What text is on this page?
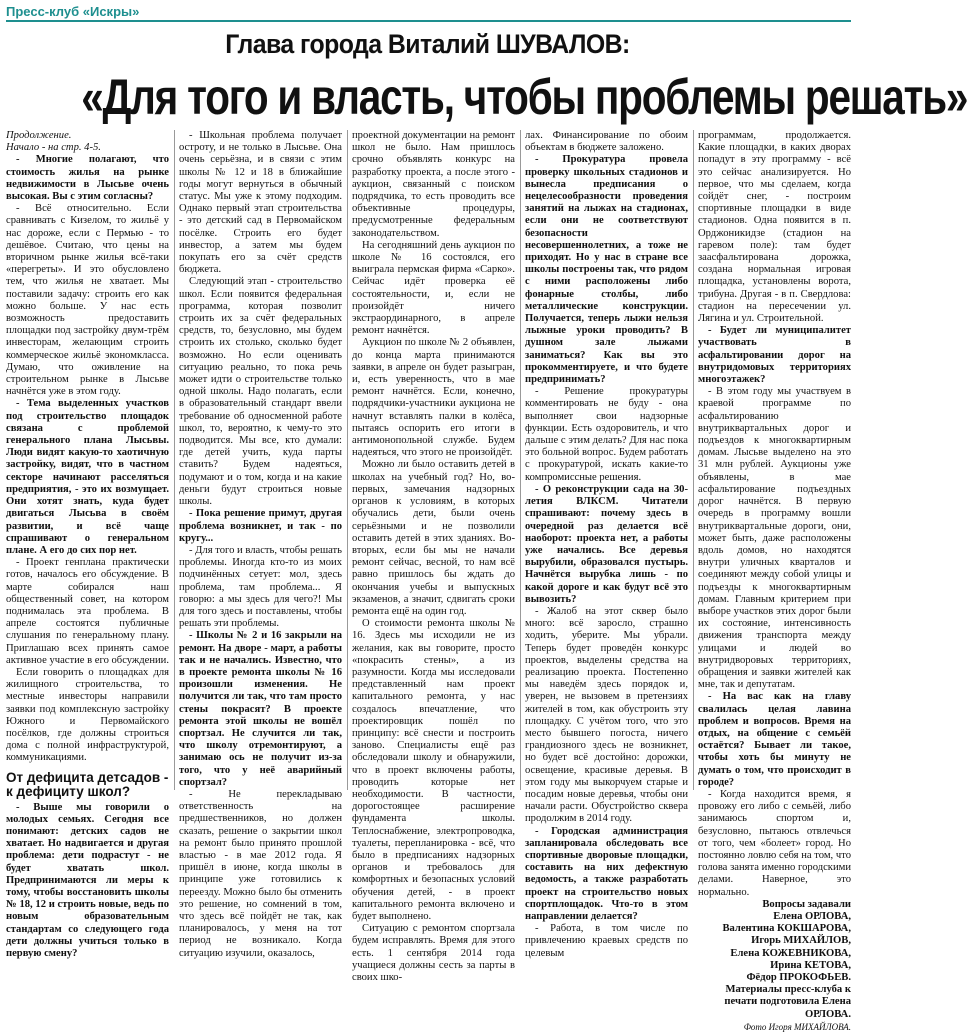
Пресс-клуб «Искры»
Глава города Виталий ШУВАЛОВ:
«Для того и власть, чтобы проблемы решать»

Продолжение.

Начало - на стр. 4-5.

- Многие полагают, что стоимость жилья на рынке недвижимости в Лысьве очень высокая. Вы с этим согласны?

- Всё относительно. Если сравнивать с Кизелом, то жильё у нас дороже, если с Пермью - то дешёвое. Считаю, что цены на вторичном рынке жилья всё-таки «перегреты». И это обусловлено тем, что жилья не хватает. Мы поставили задачу: строить его как можно больше. У нас есть возможность предоставить площадки под застройку двум-трём инвесторам, желающим строить коммерческое жильё экономкласса. Думаю, что оживление на строительном рынке в Лысьве начнётся уже в этом году.

- Тема выделенных участков под строительство площадок связана с проблемой генерального плана Лысьвы. Люди видят какую-то хаотичную застройку, видят, что в частном секторе начинают расселяться предприятия, - это их возмущает. Они хотят знать, куда будет двигаться Лысьва в своём развитии, и всё чаще спрашивают о генеральном плане. А его до сих пор нет.

- Проект генплана практически готов, началось его обсуждение. В марте собирался наш общественный совет, на котором поднималась эта проблема. В апреле состоятся публичные слушания по генеральному плану. Приглашаю всех принять самое активное участие в его обсуждении.

Если говорить о площадках для жилищного строительства, то местные инвесторы направили заявки под комплексную застройку Южного и Первомайского посёлков, где должны строиться дома с полной инфраструктурой, коммуникациями.

От дефицита детсадов - к дефициту школ?

- Выше мы говорили о молодых семьях. Сегодня все понимают: детских садов не хватает. Но надвигается и другая проблема: дети подрастут - не будет хватать школ. Предпринимаются ли меры к тому, чтобы восстановить школы № 18, 12 и строить новые, ведь по новым образовательным стандартам со следующего года дети должны учиться только в первую смену?

- Школьная проблема получает остроту, и не только в Лысьве. Она очень серьёзна, и в связи с этим школы № 12 и 18 в ближайшие годы могут вернуться в обычный статус. Мы уже к этому подходим. Однако первый этап строительства - это детский сад в Первомайском посёлке. Строить его будет инвестор, а затем мы будем покупать его за счёт средств бюджета.

Следующий этап - строительство школ. Если появится федеральная программа, которая позволит строить их за счёт федеральных средств, то, безусловно, мы будем строить их столько, сколько будет возможно. Но если оценивать ситуацию реально, то пока речь может идти о строительстве только одной школы. Надо полагать, если в образовательный стандарт ввели требование об односменной работе школ, то, вероятно, к чему-то это подводится. Мы все, кто думали: где детей учить, куда парты ставить? Будем надеяться, подумают и о том, когда и на какие деньги будут строиться новые школы.

- Пока решение примут, другая проблема возникнет, и так - по кругу...

- Для того и власть, чтобы решать проблемы. Иногда кто-то из моих подчинённых сетует: мол, здесь проблема, там проблема... Я говорю: а мы здесь для чего?! Мы для того здесь и поставлены, чтобы решать эти проблемы.

- Школы № 2 и 16 закрыли на ремонт. На дворе - март, а работы так и не начались. Известно, что в проекте ремонта школы № 16 произошли изменения. Не получится ли так, что там просто стены покрасят? В проекте ремонта этой школы не вошёл спортзал. Не случится ли так, что школу отремонтируют, а занимаю ось не получит из-за того, что у неё аварийный спортзал?

- Не перекладываю ответственность на предшественников, но должен сказать, решение о закрытии школ на ремонт было принято прошлой властью - в мае 2012 года. Я пришёл в июне, когда школы в принципе уже готовились к переезду. Можно было бы отменить это решение, но сомнений в том, что здесь всё пойдёт не так, как планировалось, у меня на тот период не возникало. Когда ситуацию изучили, оказалось,

проектной документации на ремонт школ не было. Нам пришлось срочно объявлять конкурс на разработку проекта, а после этого - аукцион, связанный с поиском подрядчика, то есть проводить все объективные процедуры, предусмотренные федеральным законодательством.

На сегодняшний день аукцион по школе № 16 состоялся, его выиграла пермская фирма «Сарко». Сейчас идёт проверка её состоятельности, и, если не произойдёт ничего экстраординарного, в апреле ремонт начнётся.

Аукцион по школе № 2 объявлен, до конца марта принимаются заявки, в апреле он будет разыгран, и, есть уверенность, что в мае ремонт начнётся. Если, конечно, подрядчики-участники аукциона не начнут вставлять палки в колёса, пытаясь оспорить его итоги в антимонопольной службе. Будем надеяться, что этого не произойдёт.

Можно ли было оставить детей в школах на учебный год? Но, во-первых, замечания надзорных органов к условиям, в которых обучались дети, были очень серьёзными и не позволили оставить детей в этих зданиях. Во-вторых, если бы мы не начали ремонт сейчас, весной, то нам всё равно пришлось бы ждать до окончания учебы и выпускных экзаменов, а значит, сдвигать сроки ремонта ещё на один год.

О стоимости ремонта школы № 16. Здесь мы исходили не из желания, как вы говорите, просто «покрасить стены», а из разумности. Когда мы исследовали представленный нам проект капитального ремонта, у нас создалось впечатление, что проектировщик пошёл по принципу: всё снести и построить заново. Специалисты ещё раз обследовали школу и обнаружили, что в проект включены работы, проводить которые нет необходимости. В частности, дорогостоящее расширение фундамента школы. Теплоснабжение, электропроводка, туалеты, перепланировка - всё, что было в предписаниях надзорных органов и требовалось для комфортных и безопасных условий обучения детей, - в проект капитального ремонта включено и будет выполнено.

Ситуацию с ремонтом спортзала будем исправлять. Время для этого есть. 1 сентября 2014 года учащиеся должны сесть за парты в своих шко-

лах. Финансирование по обоим объектам в бюджете заложено.

- Прокуратура провела проверку школьных стадионов и вынесла предписания о нецелесообразности проведения занятий на лыжах на стадионах, если они не соответствуют безопасности несовершеннолетних, а тоже не приходят. Но у нас в стране все школы построены так, что рядом с ними расположены либо фонарные столбы, либо металлические конструкции. Получается, теперь лыжи нельзя лыжные уроки проводить? В душном зале лыжами заниматься? Как вы это прокомментируете, и что будете предпринимать?

- Решение прокуратуры комментировать не буду - она выполняет свои надзорные функции. Есть оздоровитель, и что дальше с этим делать? Для нас пока это больной вопрос. Будем работать с прокуратурой, искать какие-то компромиссные решения.

- О реконструкции сада на 30-летия ВЛКСМ. Читатели спрашивают: почему здесь в очередной раз делается всё наоборот: проекта нет, а работы уже начались. Все деревья вырубили, образовался пустырь. Начнётся вырубка лишь - по какой дороге и как будут всё это вывозить?

- Жалоб на этот сквер было много: всё заросло, страшно ходить, уберите. Мы убрали. Теперь будет проведён конкурс проектов, выделены средства на реализацию проекта. Постепенно мы наведём здесь порядок и, уверен, не вызовем в претензиях жителей в том, как обустроить эту площадку. С учётом того, что это место бывшего погоста, ничего грандиозного здесь не возникнет, но будет всё достойно: дорожки, освещение, красивые деревья. В этом году мы выкорчуем старые и посадим новые деревья, чтобы они начали расти. Обустройство сквера продолжим в 2014 году.

- Городская администрация запланировала обследовать все спортивные дворовые площадки, составить на них дефектную ведомость, а также разработать проект на строительство новых спортплощадок. Что-то в этом направлении делается?

- Работа, в том числе по привлечению краевых средств по целевым

программам, продолжается. Какие площадки, в каких дворах попадут в эту программу - всё это сейчас анализируется. Но первое, что мы сделаем, когда сойдёт снег, - построим спортивные площадки в виде стадионов. Одна появится в п. Орджоникидзе (стадион на гаревом поле): там будет заасфальтирована дорожка, создана нормальная игровая площадка, установлены ворота, трибуна. Другая - в п. Свердлова: стадион на пересечении ул. Лягина и ул. Строительной.

- Будет ли муниципалитет участвовать в асфальтировании дорог на внутридомовых территориях многоэтажек?

- В этом году мы участвуем в краевой программе по асфальтированию внутриквартальных дорог и подъездов к многоквартирным домам. Лысьве выделено на это 31 млн рублей. Аукционы уже объявлены, в мае асфальтирование подъездных дорог начнётся. В первую очередь в программу вошли внутриквартальные дороги, они, может быть, даже расположены вдоль домов, но находятся внутри уличных кварталов и соединяют между собой улицы и подъезды к многоквартирным домам. Главным критерием при выборе участков этих дорог были их состояние, интенсивность движения транспорта между улицами и людей во внутридворовых территориях, обращения и заявки жителей как мне, так и депутатам.

- На вас как на главу свалилась целая лавина проблем и вопросов. Время на отдых, на общение с семьёй остаётся? Бывает ли такое, чтобы хоть бы минуту не думать о том, что происходит в городе?

- Когда находится время, я провожу его либо с семьёй, либо занимаюсь спортом и, безусловно, пытаюсь отвлечься от того, чем «болеет» город. Но постоянно ловлю себя на том, что голова занята именно городскими делами. Наверное, это нормально.

Вопросы задавали

Елена ОРЛОВА,

Валентина КОКШАРОВА,

Игорь МИХАЙЛОВ,

Елена КОЖЕВНИКОВА,

Ирина КЕТОВА,

Фёдор ПРОКОФЬЕВ.

Материалы пресс-клуба к печати подготовила Елена ОРЛОВА.

Фото Игоря МИХАЙЛОВА.
